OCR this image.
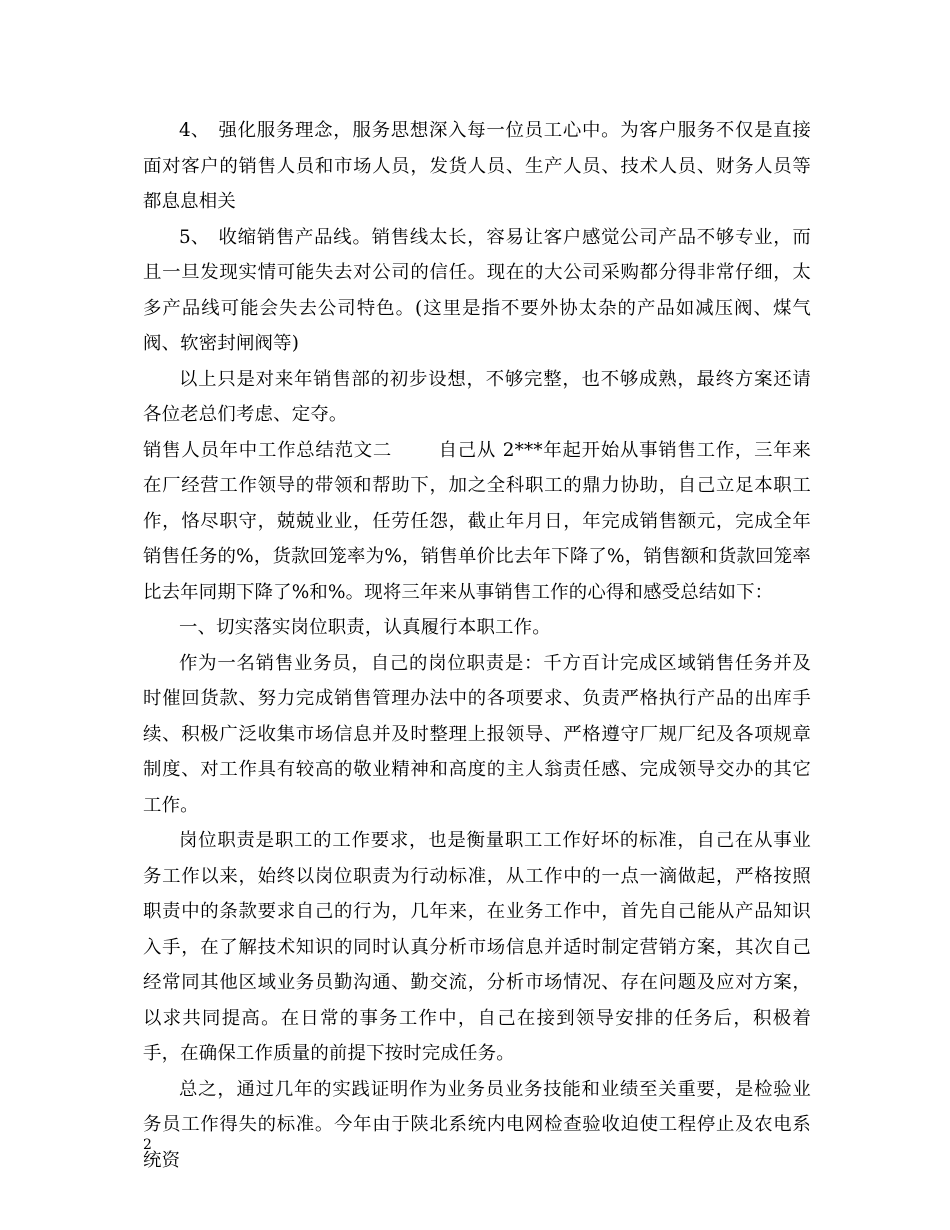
4、 强化服务理念，服务思想深入每一位员工心中。为客户服务不仅是直接面对客户的销售人员和市场人员，发货人员、生产人员、技术人员、财务人员等都息息相关

5、 收缩销售产品线。销售线太长，容易让客户感觉公司产品不够专业，而且一旦发现实情可能失去对公司的信任。现在的大公司采购都分得非常仔细，太多产品线可能会失去公司特色。(这里是指不要外协太杂的产品如减压阀、煤气阀、软密封闸阀等)

以上只是对来年销售部的初步设想，不够完整，也不够成熟，最终方案还请各位老总们考虑、定夺。

销售人员年中工作总结范文二	自己从 2***年起开始从事销售工作，三年来在厂经营工作领导的带领和帮助下，加之全科职工的鼎力协助，自己立足本职工作，恪尽职守，兢兢业业，任劳任怨，截止年月日，年完成销售额元，完成全年销售任务的%，货款回笼率为%，销售单价比去年下降了%，销售额和货款回笼率比去年同期下降了%和%。现将三年来从事销售工作的心得和感受总结如下：

一、切实落实岗位职责，认真履行本职工作。

作为一名销售业务员，自己的岗位职责是：千方百计完成区域销售任务并及时催回货款、努力完成销售管理办法中的各项要求、负责严格执行产品的出库手续、积极广泛收集市场信息并及时整理上报领导、严格遵守厂规厂纪及各项规章制度、对工作具有较高的敬业精神和高度的主人翁责任感、完成领导交办的其它工作。

岗位职责是职工的工作要求，也是衡量职工工作好坏的标准，自己在从事业务工作以来，始终以岗位职责为行动标准，从工作中的一点一滴做起，严格按照职责中的条款要求自己的行为，几年来，在业务工作中，首先自己能从产品知识入手，在了解技术知识的同时认真分析市场信息并适时制定营销方案，其次自己经常同其他区域业务员勤沟通、勤交流，分析市场情况、存在问题及应对方案，以求共同提高。在日常的事务工作中，自己在接到领导安排的任务后，积极着手，在确保工作质量的前提下按时完成任务。

总之，通过几年的实践证明作为业务员业务技能和业绩至关重要，是检验业务员工作得失的标准。今年由于陕北系统内电网检查验收迫使工程停止及农电系统资

2
